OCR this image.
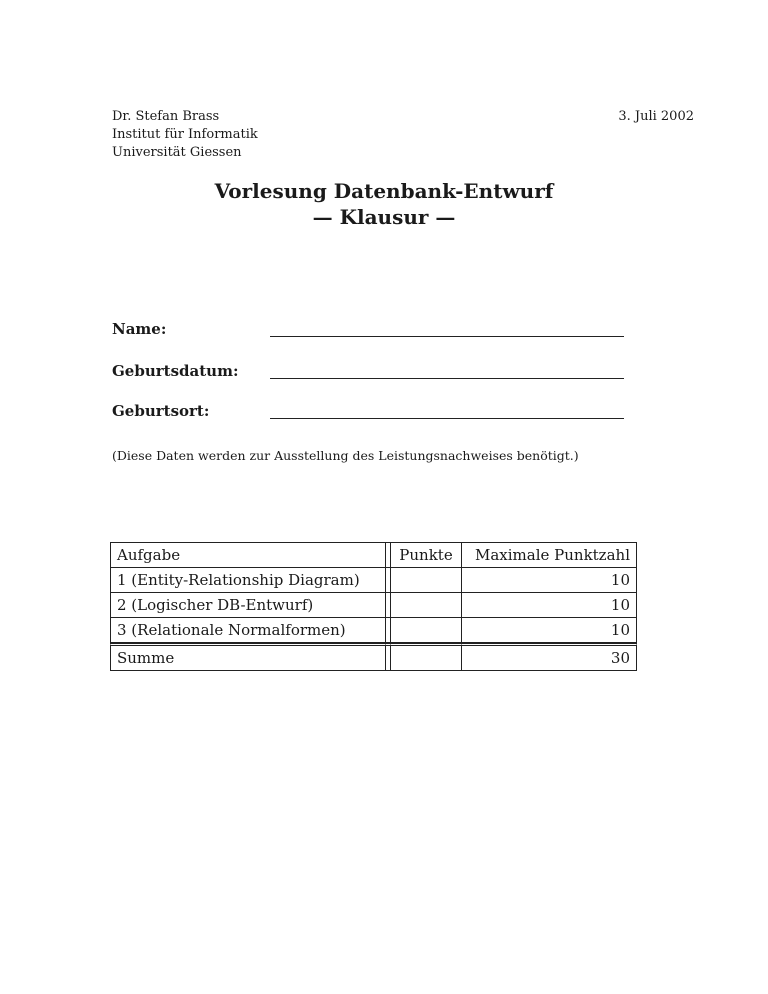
Dr. Stefan Brass
Institut für Informatik
Universität Giessen
3. Juli 2002
Vorlesung Datenbank-Entwurf
— Klausur —
Name:
Geburtsdatum:
Geburtsort:
(Diese Daten werden zur Ausstellung des Leistungsnachweises benötigt.)
Aufgabe		Punkte	Maximale Punktzahl
1 (Entity-Relationship Diagram)			10
2 (Logischer DB-Entwurf)			10
3 (Relationale Normalformen)			10
Summe			30
